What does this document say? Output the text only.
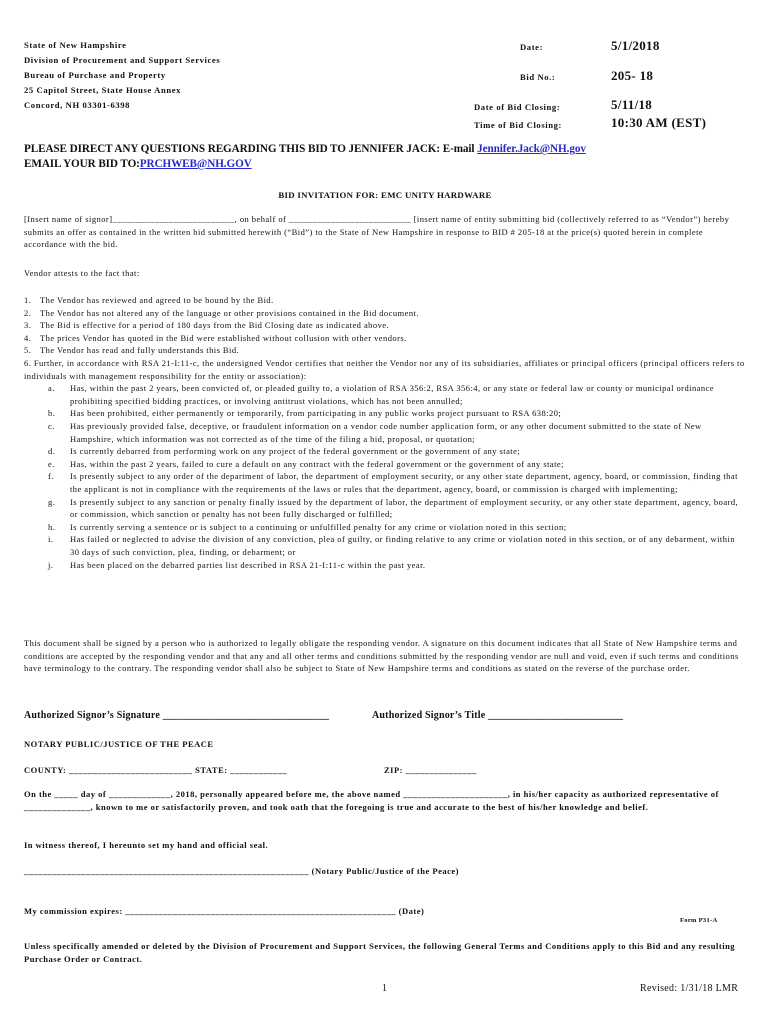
State of New Hampshire
Division of Procurement and Support Services
Bureau of Purchase and Property
25 Capitol Street, State House Annex
Concord, NH 03301-6398
Date:	5/1/2018
Bid No.:	205- 18
Date of Bid Closing:	5/11/18
Time of Bid Closing:	10:30 AM (EST)
PLEASE DIRECT ANY QUESTIONS REGARDING THIS BID TO JENNIFER JACK: E-mail Jennifer.Jack@NH.gov
EMAIL YOUR BID TO:PRCHWEB@NH.GOV
BID INVITATION FOR: EMC UNITY HARDWARE
[Insert name of signor]__________________________, on behalf of __________________________ [insert name of entity submitting bid (collectively referred to as “Vendor”) hereby submits an offer as contained in the written bid submitted herewith (“Bid”) to the State of New Hampshire in response to BID # 205-18 at the price(s) quoted herein in complete accordance with the bid.
Vendor attests to the fact that:
1. The Vendor has reviewed and agreed to be bound by the Bid.
2. The Vendor has not altered any of the language or other provisions contained in the Bid document.
3. The Bid is effective for a period of 180 days from the Bid Closing date as indicated above.
4. The prices Vendor has quoted in the Bid were established without collusion with other vendors.
5. The Vendor has read and fully understands this Bid.
6. Further, in accordance with RSA 21-I:11-c, the undersigned Vendor certifies that neither the Vendor nor any of its subsidiaries, affiliates or principal officers (principal officers refers to individuals with management responsibility for the entity or association):
a. Has, within the past 2 years, been convicted of, or pleaded guilty to, a violation of RSA 356:2, RSA 356:4, or any state or federal law or county or municipal ordinance prohibiting specified bidding practices, or involving antitrust violations, which has not been annulled;
b. Has been prohibited, either permanently or temporarily, from participating in any public works project pursuant to RSA 638:20;
c. Has previously provided false, deceptive, or fraudulent information on a vendor code number application form, or any other document submitted to the state of New Hampshire, which information was not corrected as of the time of the filing a bid, proposal, or quotation;
d. Is currently debarred from performing work on any project of the federal government or the government of any state;
e. Has, within the past 2 years, failed to cure a default on any contract with the federal government or the government of any state;
f. Is presently subject to any order of the department of labor, the department of employment security, or any other state department, agency, board, or commission, finding that the applicant is not in compliance with the requirements of the laws or rules that the department, agency, board, or commission is charged with implementing;
g. Is presently subject to any sanction or penalty finally issued by the department of labor, the department of employment security, or any other state department, agency, board, or commission, which sanction or penalty has not been fully discharged or fulfilled;
h. Is currently serving a sentence or is subject to a continuing or unfulfilled penalty for any crime or violation noted in this section;
i. Has failed or neglected to advise the division of any conviction, plea of guilty, or finding relative to any crime or violation noted in this section, or of any debarment, within 30 days of such conviction, plea, finding, or debarment; or
j. Has been placed on the debarred parties list described in RSA 21-I:11-c within the past year.
This document shall be signed by a person who is authorized to legally obligate the responding vendor. A signature on this document indicates that all State of New Hampshire terms and conditions are accepted by the responding vendor and that any and all other terms and conditions submitted by the responding vendor are null and void, even if such terms and conditions have terminology to the contrary. The responding vendor shall also be subject to State of New Hampshire terms and conditions as stated on the reverse of the purchase order.
Authorized Signor’s Signature ________________________________	Authorized Signor’s Title __________________________
NOTARY PUBLIC/JUSTICE OF THE PEACE
COUNTY: __________________________ STATE: ____________	ZIP: _______________
On the _____ day of _____________, 2018, personally appeared before me, the above named ______________________, in his/her capacity as authorized representative of ______________, known to me or satisfactorily proven, and took oath that the foregoing is true and accurate to the best of his/her knowledge and belief.
In witness thereof, I hereunto set my hand and official seal.
____________________________________________________________ (Notary Public/Justice of the Peace)
My commission expires: _________________________________________________________ (Date)
Form P31-A
Unless specifically amended or deleted by the Division of Procurement and Support Services, the following General Terms and Conditions apply to this Bid and any resulting Purchase Order or Contract.
1	Revised: 1/31/18 LMR
